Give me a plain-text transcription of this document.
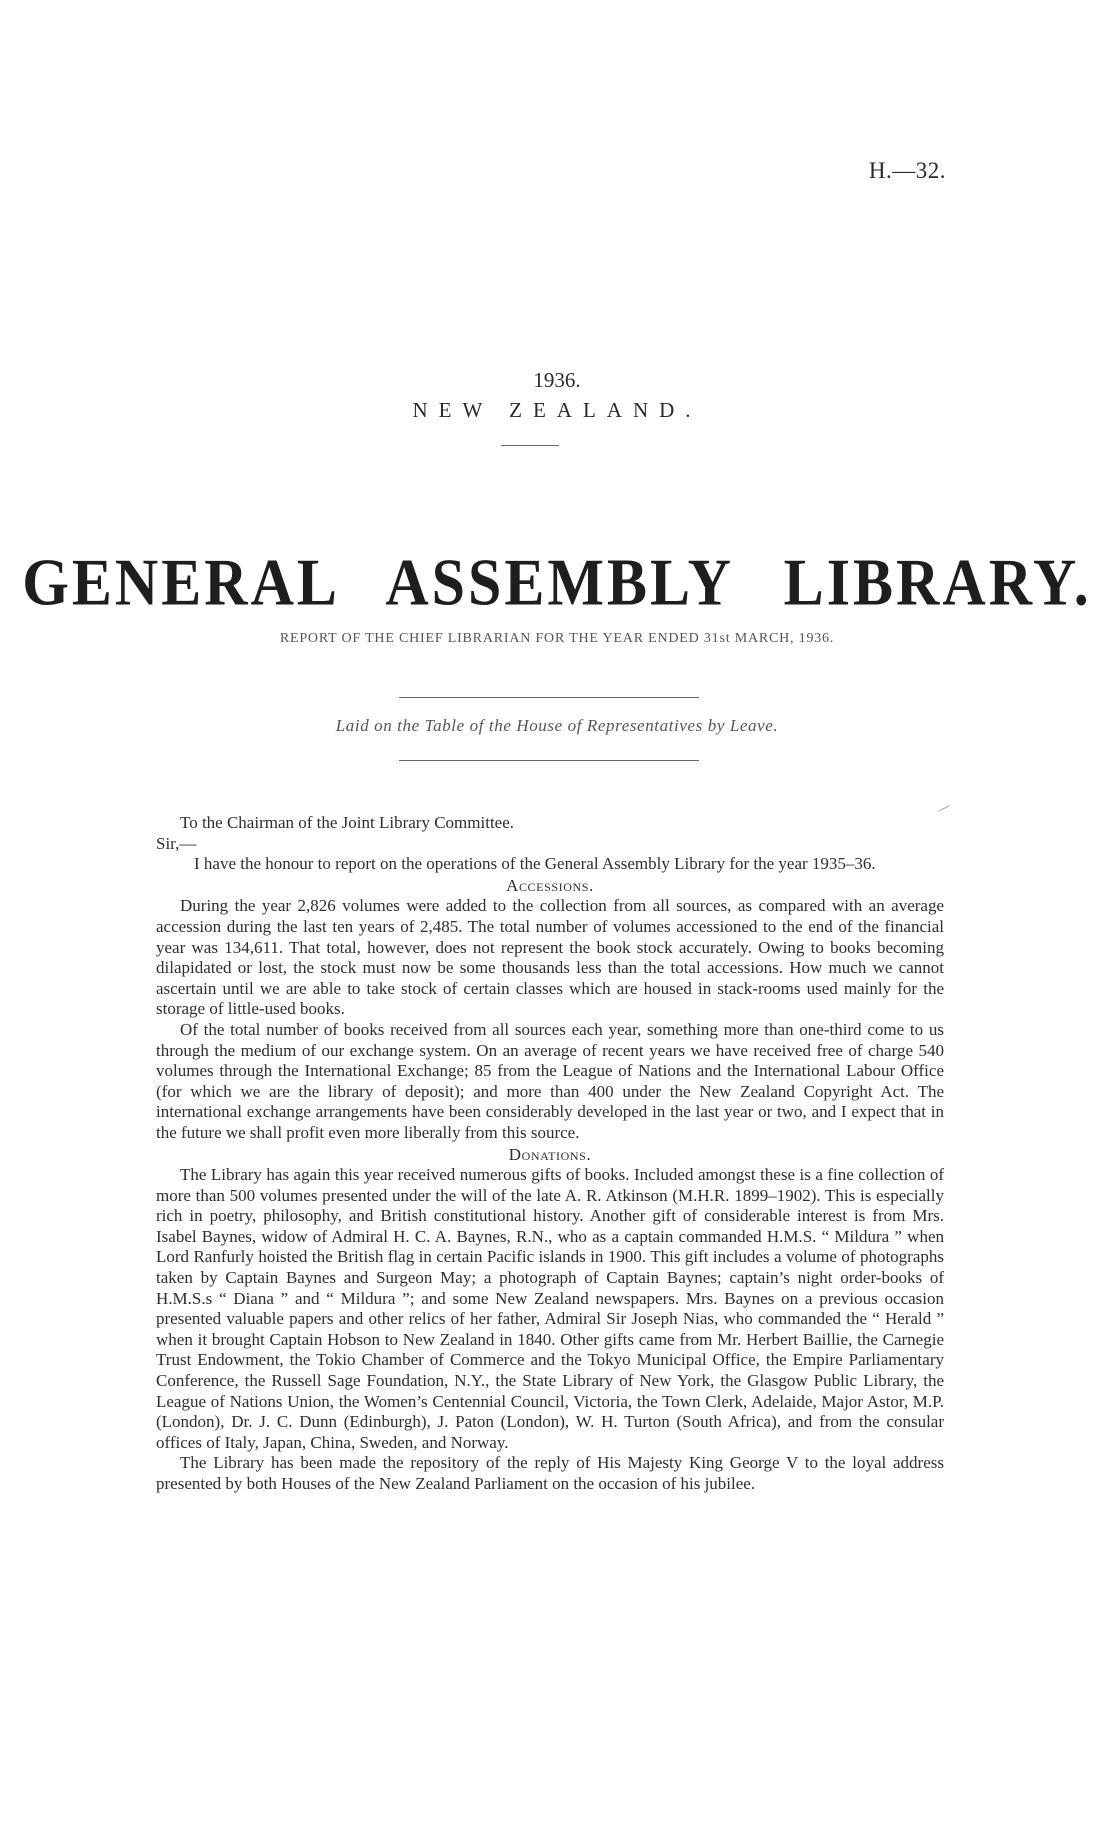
H.—32.
1936.
NEW ZEALAND.
GENERAL ASSEMBLY LIBRARY.
REPORT OF THE CHIEF LIBRARIAN FOR THE YEAR ENDED 31st MARCH, 1936.
Laid on the Table of the House of Representatives by Leave.

To the Chairman of the Joint Library Committee.

Sir,—

I have the honour to report on the operations of the General Assembly Library for the year 1935–36.

Accessions.

During the year 2,826 volumes were added to the collection from all sources, as compared with an average accession during the last ten years of 2,485. The total number of volumes accessioned to the end of the financial year was 134,611. That total, however, does not represent the book stock accurately. Owing to books becoming dilapidated or lost, the stock must now be some thousands less than the total accessions. How much we cannot ascertain until we are able to take stock of certain classes which are housed in stack-rooms used mainly for the storage of little-used books.

Of the total number of books received from all sources each year, something more than one-third come to us through the medium of our exchange system. On an average of recent years we have received free of charge 540 volumes through the International Exchange; 85 from the League of Nations and the International Labour Office (for which we are the library of deposit); and more than 400 under the New Zealand Copyright Act. The international exchange arrangements have been considerably developed in the last year or two, and I expect that in the future we shall profit even more liberally from this source.

Donations.

The Library has again this year received numerous gifts of books. Included amongst these is a fine collection of more than 500 volumes presented under the will of the late A. R. Atkinson (M.H.R. 1899–1902). This is especially rich in poetry, philosophy, and British constitutional history. Another gift of considerable interest is from Mrs. Isabel Baynes, widow of Admiral H. C. A. Baynes, R.N., who as a captain commanded H.M.S. “ Mildura ” when Lord Ranfurly hoisted the British flag in certain Pacific islands in 1900. This gift includes a volume of photographs taken by Captain Baynes and Surgeon May; a photograph of Captain Baynes; captain’s night order-books of H.M.S.s “ Diana ” and “ Mildura ”; and some New Zealand newspapers. Mrs. Baynes on a previous occasion presented valuable papers and other relics of her father, Admiral Sir Joseph Nias, who commanded the “ Herald ” when it brought Captain Hobson to New Zealand in 1840. Other gifts came from Mr. Herbert Baillie, the Carnegie Trust Endowment, the Tokio Chamber of Commerce and the Tokyo Municipal Office, the Empire Parliamentary Conference, the Russell Sage Foundation, N.Y., the State Library of New York, the Glasgow Public Library, the League of Nations Union, the Women’s Centennial Council, Victoria, the Town Clerk, Adelaide, Major Astor, M.P. (London), Dr. J. C. Dunn (Edinburgh), J. Paton (London), W. H. Turton (South Africa), and from the consular offices of Italy, Japan, China, Sweden, and Norway.

The Library has been made the repository of the reply of His Majesty King George V to the loyal address presented by both Houses of the New Zealand Parliament on the occasion of his jubilee.
